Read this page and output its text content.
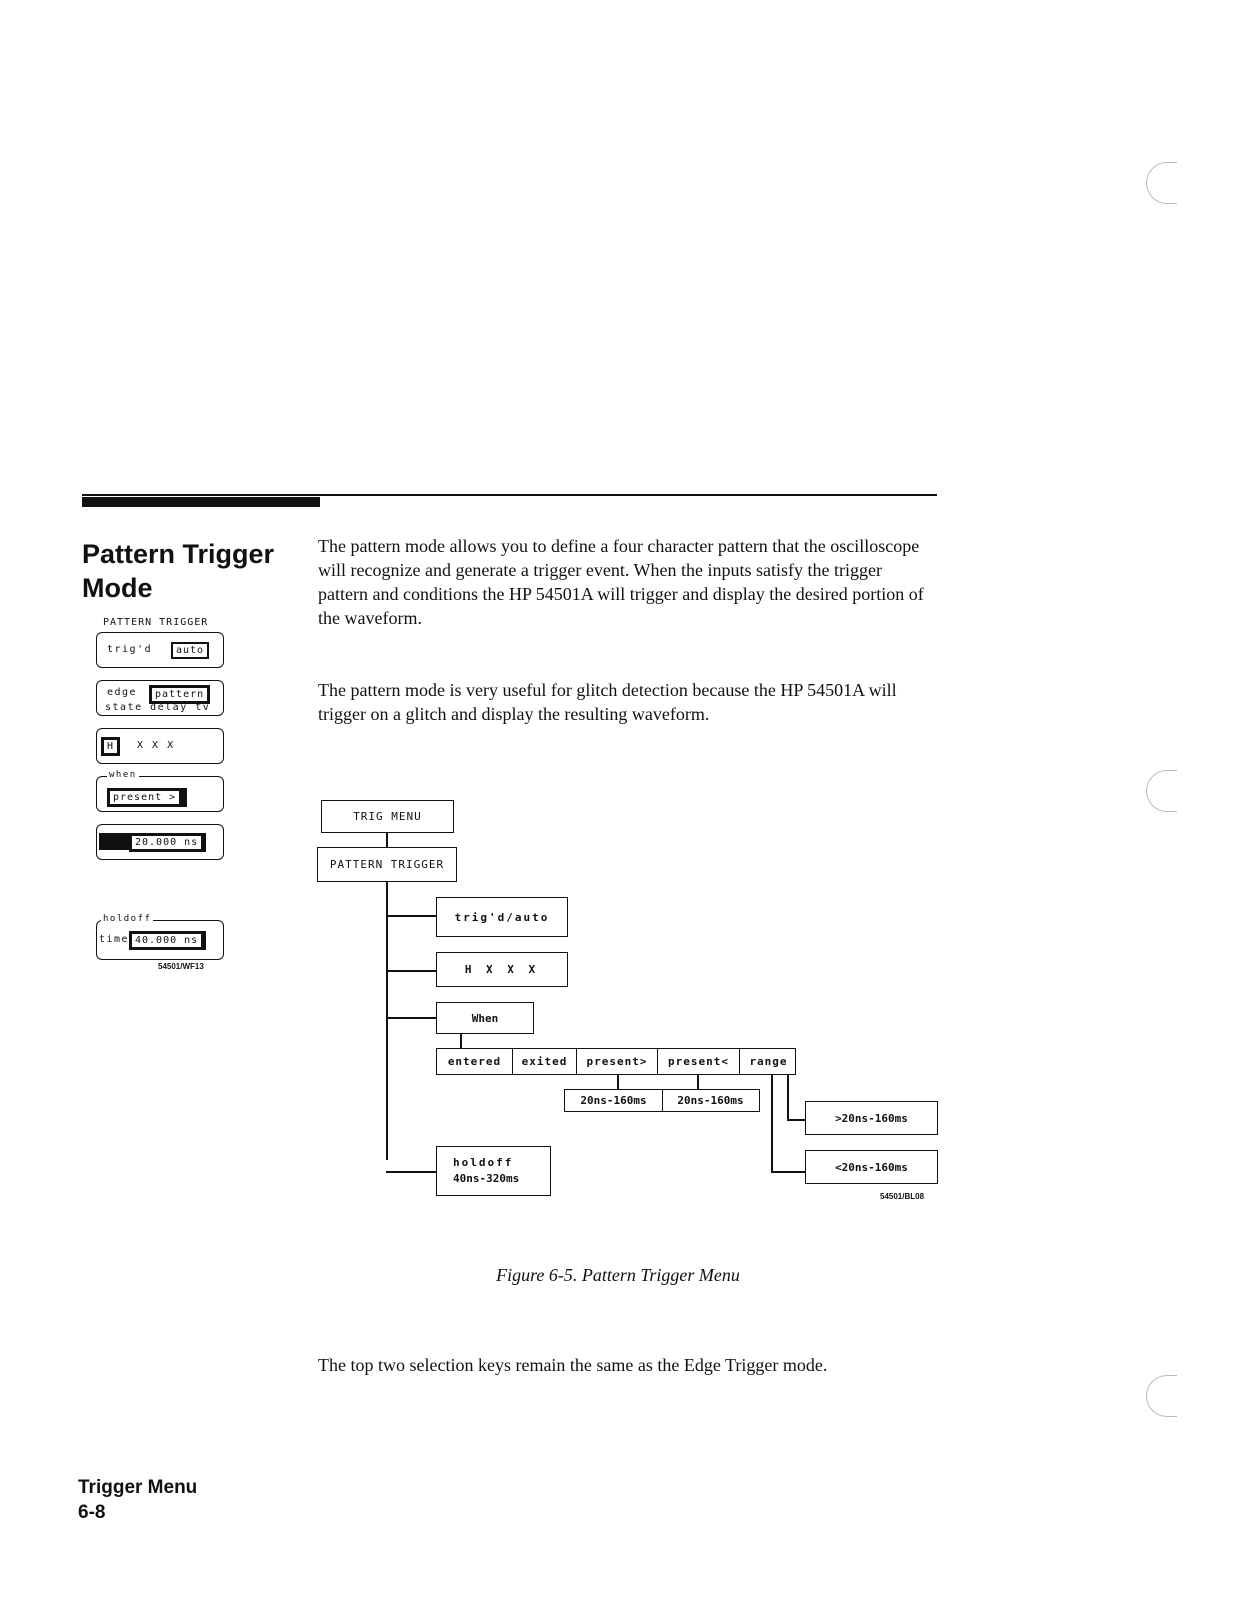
Pattern Trigger
Mode
The pattern mode allows you to define a four character pattern that the oscilloscope will recognize and generate a trigger event. When the inputs satisfy the trigger pattern and conditions the HP 54501A will trigger and display the desired portion of the waveform.
The pattern mode is very useful for glitch detection because the HP 54501A will trigger on a glitch and display the resulting waveform.
PATTERN TRIGGER
trig'd	auto
edge	pattern
state delay tv
H	X X X
when
present >
20.000 ns
holdoff
time 40.000 ns
54501/WF13
TRIG MENU
PATTERN TRIGGER
trig'd/auto
H X X X
When
entered	exited	present>	present<	range
20ns-160ms	20ns-160ms
>20ns-160ms
<20ns-160ms
54501/BL08
holdoff
40ns-320ms
Figure 6-5. Pattern Trigger Menu
The top two selection keys remain the same as the Edge Trigger mode.
Trigger Menu
6-8
